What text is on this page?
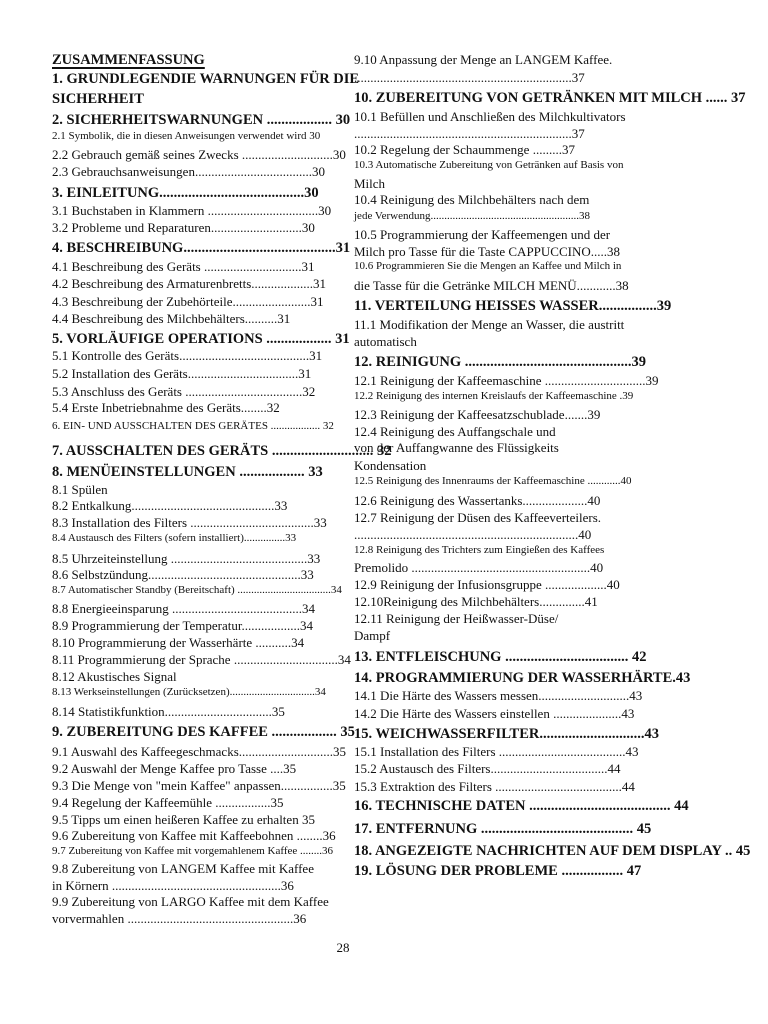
ZUSAMMENFASSUNG
1. GRUNDLEGENDIE WARNUNGEN FÜR DIE
SICHERHEIT
2. SICHERHEITSWARNUNGEN .................. 30
2.1 Symbolik, die in diesen Anweisungen verwendet wird 30
2.2 Gebrauch gemäß seines Zwecks ............................30
2.3 Gebrauchsanweisungen....................................30
3. EINLEITUNG........................................30
3.1 Buchstaben in Klammern ..................................30
3.2 Probleme und Reparaturen............................30
4. BESCHREIBUNG..........................................31
4.1 Beschreibung des Geräts ..............................31
4.2 Beschreibung des Armaturenbretts...................31
4.3 Beschreibung der Zubehörteile........................31
4.4 Beschreibung des Milchbehälters..........31
5. VORLÄUFIGE OPERATIONS .................. 31
5.1 Kontrolle des Geräts........................................31
5.2 Installation des Geräts..................................31
5.3 Anschluss des Geräts ....................................32
5.4 Erste Inbetriebnahme des Geräts........32
6. EIN- UND AUSSCHALTEN DES GERÄTES .................. 32
7. AUSSCHALTEN DES GERÄTS ............................ 32
8. MENÜEINSTELLUNGEN .................. 33
8.1 Spülen
8.2 Entkalkung............................................33
8.3 Installation des Filters ......................................33
8.4 Austausch des Filters (sofern installiert)...............33
8.5 Uhrzeiteinstellung ..........................................33
8.6 Selbstzündung...............................................33
8.7 Automatischer Standby (Bereitschaft) ..................................34
8.8 Energieeinsparung ........................................34
8.9 Programmierung der Temperatur..................34
8.10 Programmierung der Wasserhärte ...........34
8.11 Programmierung der Sprache ................................34
8.12 Akustisches Signal
8.13 Werkseinstellungen (Zurücksetzen)...............................34
8.14 Statistikfunktion.................................35
9. ZUBEREITUNG DES KAFFEE .................. 35
9.1 Auswahl des Kaffeegeschmacks.............................35
9.2 Auswahl der Menge Kaffee pro Tasse ....35
9.3 Die Menge von "mein Kaffee" anpassen................35
9.4 Regelung der Kaffeemühle .................35
9.5 Tipps um einen heißeren Kaffee zu erhalten 35
9.6 Zubereitung von Kaffee mit Kaffeebohnen ........36
9.7 Zubereitung von Kaffee mit vorgemahlenem Kaffee ........36
9.8 Zubereitung von LANGEM Kaffee mit Kaffee
in Körnern ....................................................36
9.9 Zubereitung von LARGO Kaffee mit dem Kaffee
vorvermahlen ...................................................36
9.10 Anpassung der Menge an LANGEM Kaffee.
...................................................................37
10. ZUBEREITUNG VON GETRÄNKEN MIT MILCH ...... 37
10.1 Befüllen und Anschließen des Milchkultivators
...................................................................37
10.2 Regelung der Schaummenge .........37
10.3 Automatische Zubereitung von Getränken auf Basis von
Milch
10.4 Reinigung des Milchbehälters nach dem
jede Verwendung......................................................38
10.5 Programmierung der Kaffeemengen und der
Milch pro Tasse für die Taste CAPPUCCINO.....38
10.6 Programmieren Sie die Mengen an Kaffee und Milch in
die Tasse für die Getränke MILCH MENÜ............38
11. VERTEILUNG HEISSES WASSER................39
11.1 Modifikation der Menge an Wasser, die austritt
automatisch
12. REINIGUNG ..............................................39
12.1 Reinigung der Kaffeemaschine ...............................39
12.2 Reinigung des internen Kreislaufs der Kaffeemaschine .39
12.3 Reinigung der Kaffeesatzschublade.......39
12.4 Reinigung des Auffangschale und
von der Auffangwanne des Flüssigkeits
Kondensation
12.5 Reinigung des Innenraums der Kaffeemaschine ............40
12.6 Reinigung des Wassertanks....................40
12.7 Reinigung der Düsen des Kaffeeverteilers.
.....................................................................40
12.8 Reinigung des Trichters zum Eingießen des Kaffees
Premolido .......................................................40
12.9 Reinigung der Infusionsgruppe ...................40
12.10Reinigung des Milchbehälters..............41
12.11 Reinigung der Heißwasser-Düse/
Dampf
13. ENTFLEISCHUNG .................................. 42
14. PROGRAMMIERUNG DER WASSERHÄRTE.43
14.1 Die Härte des Wassers messen............................43
14.2 Die Härte des Wassers einstellen .....................43
15. WEICHWASSERFILTER.............................43
15.1 Installation des Filters .......................................43
15.2 Austausch des Filters....................................44
15.3 Extraktion des Filters .......................................44
16. TECHNISCHE DATEN ....................................... 44
17. ENTFERNUNG .......................................... 45
18. ANGEZEIGTE NACHRICHTEN AUF DEM DISPLAY .. 45
19. LÖSUNG DER PROBLEME ................. 47
28
